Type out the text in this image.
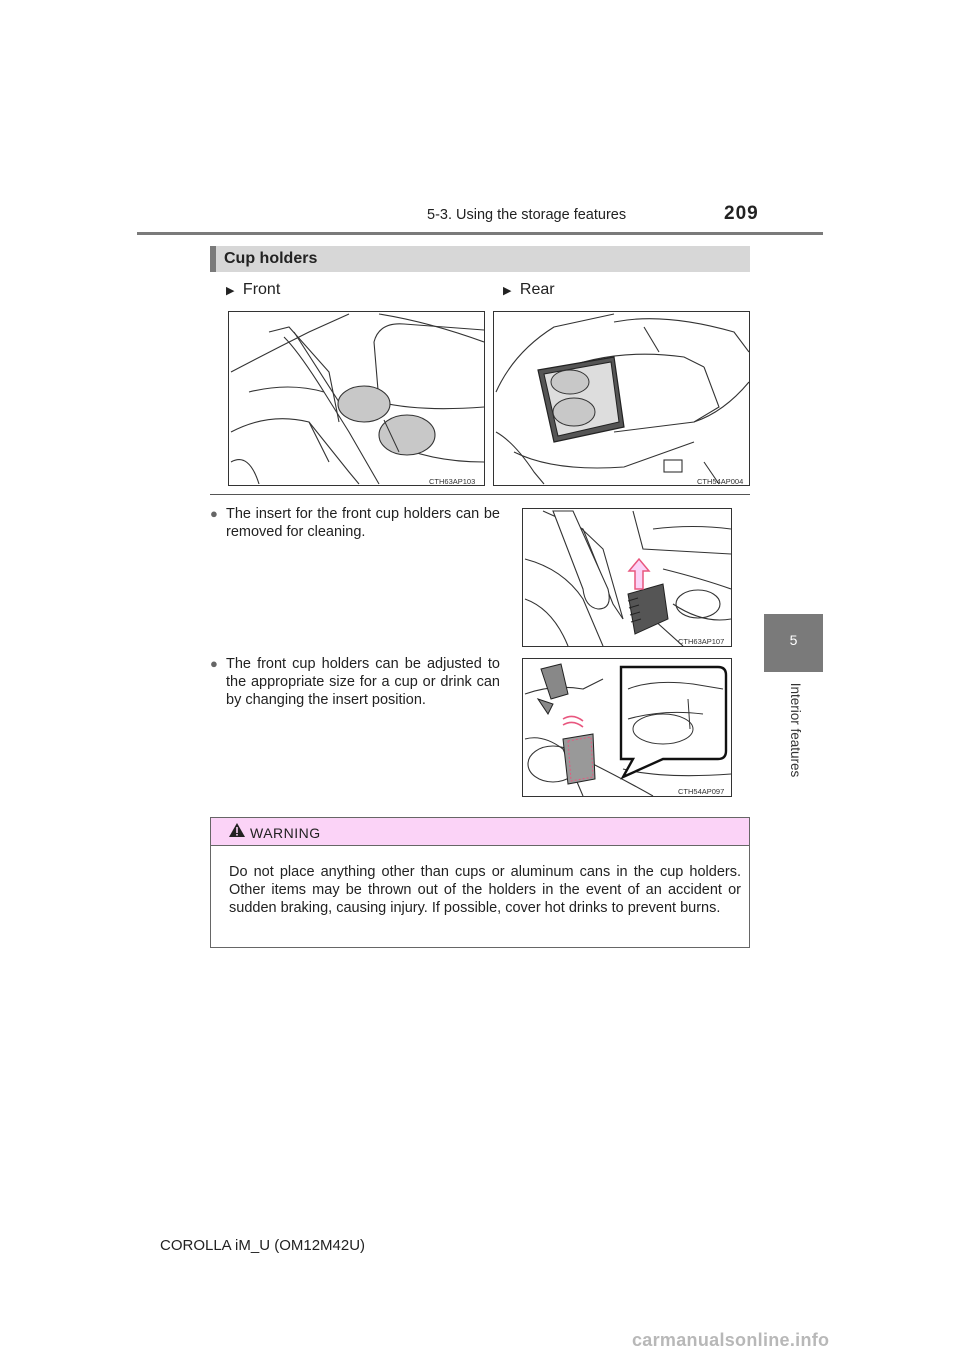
5-3. Using the storage features	209
5
Interior features
Cup holders
▶ Front	▶ Rear
CTH63AP103	CTH54AP004
● The insert for the front cup holders can be removed for cleaning.
CTH63AP107
● The front cup holders can be adjusted to the appropriate size for a cup or drink can by changing the insert position.
CTH54AP097
WARNING
Do not place anything other than cups or aluminum cans in the cup holders. Other items may be thrown out of the holders in the event of an accident or sudden braking, causing injury. If possible, cover hot drinks to prevent burns.
COROLLA iM_U (OM12M42U)
carmanualsonline.info
